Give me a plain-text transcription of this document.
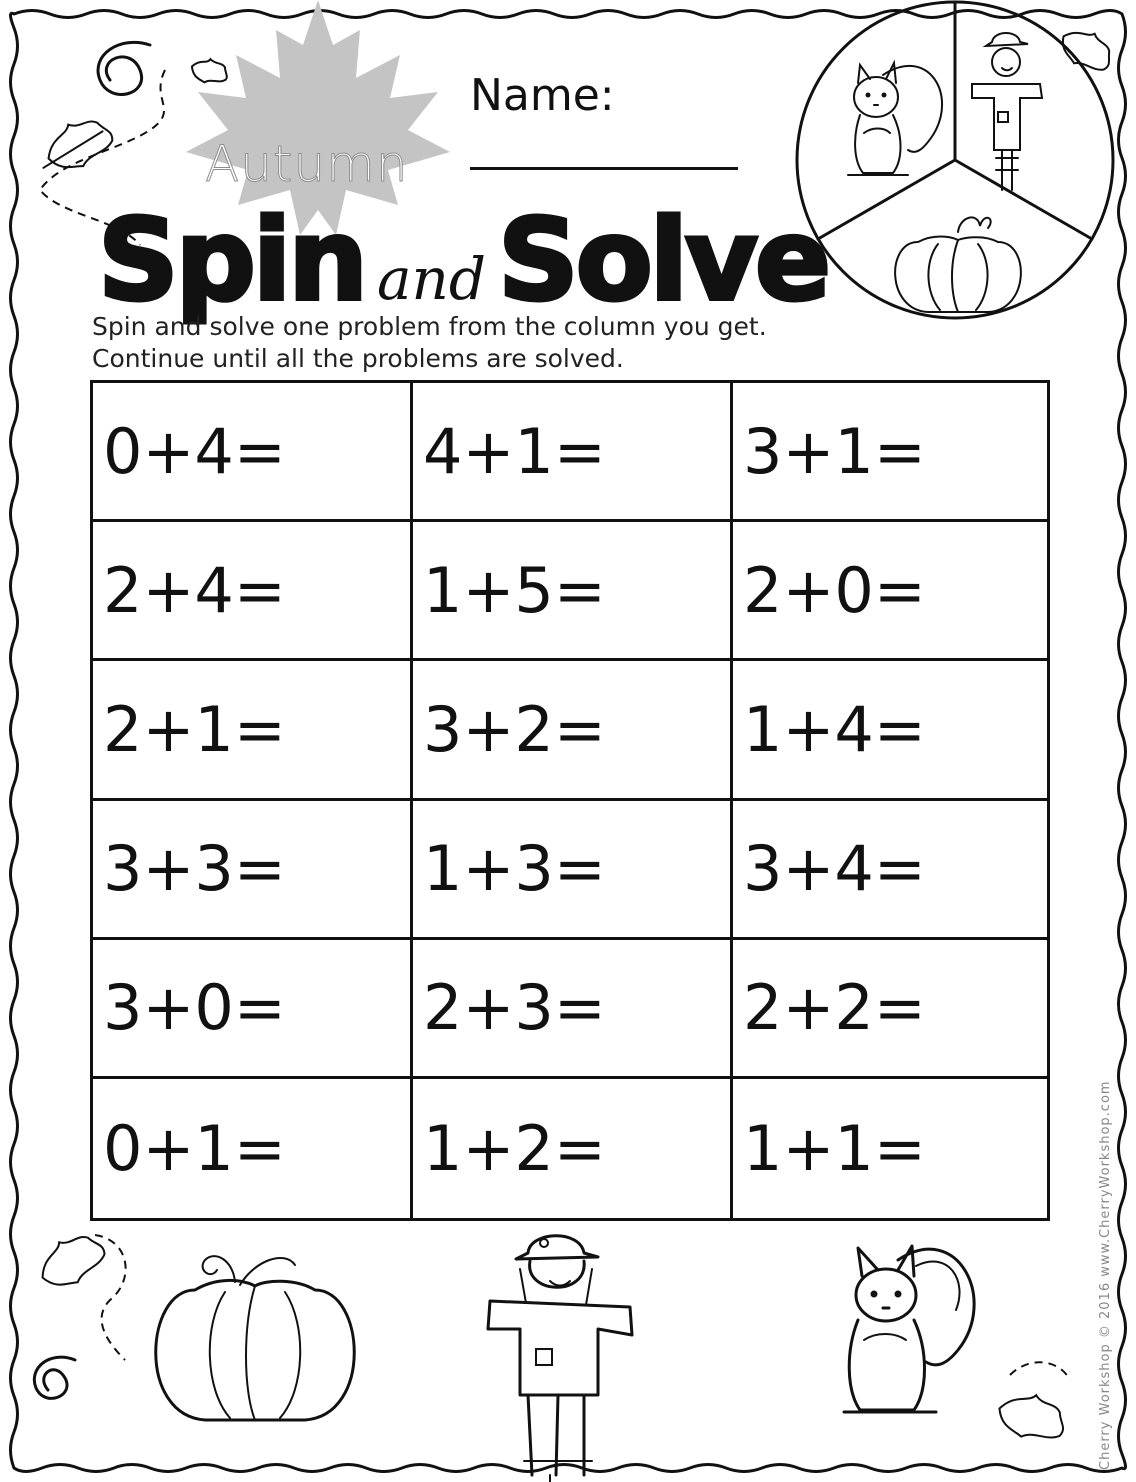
Autumn
Name:
Spin and Solve
Spin and solve one problem from the column you get.
Continue until all the problems are solved.
0+4=	4+1=	3+1=
2+4=	1+5=	2+0=
2+1=	3+2=	1+4=
3+3=	1+3=	3+4=
3+0=	2+3=	2+2=
0+1=	1+2=	1+1=	Cherry Workshop © 2016 www.CherryWorkshop.com
